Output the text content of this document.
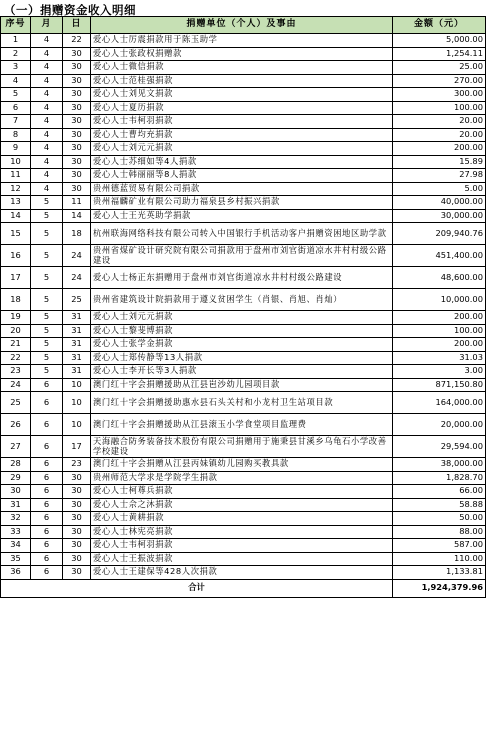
（一）捐赠资金收入明细
序号	月	日	捐赠单位（个人）及事由	金额（元）
1	4	22	爱心人士厉震捐款用于陈玉助学	5,000.00
2	4	30	爱心人士张政权捐赠款	1,254.11
3	4	30	爱心人士微信捐款	25.00
4	4	30	爱心人士范桂强捐款	270.00
5	4	30	爱心人士刘见文捐款	300.00
6	4	30	爱心人士夏历捐款	100.00
7	4	30	爱心人士韦柯羽捐款	20.00
8	4	30	爱心人士曹均充捐款	20.00
9	4	30	爱心人士刘元元捐款	200.00
10	4	30	爱心人士苏细如等4人捐款	15.89
11	4	30	爱心人士韩丽丽等8人捐款	27.98
12	4	30	贵州德蓝贸易有限公司捐款	5.00
13	5	11	贵州福麟矿业有限公司助力福泉县乡村振兴捐款	40,000.00
14	5	14	爱心人士王光英助学捐款	30,000.00
15	5	18	杭州联海网络科技有限公司转入中国银行手机活动客户捐赠资困地区助学款	209,940.76
16	5	24	贵州省煤矿设计研究院有限公司捐款用于盘州市刘官街道凉水井村村级公路建设	451,400.00
17	5	24	爱心人士杨正东捐赠用于盘州市刘官街道凉水井村村级公路建设	48,600.00
18	5	25	贵州省建筑设计院捐款用于遵义贫困学生（肖银、肖旭、肖灿）	10,000.00
19	5	31	爱心人士刘元元捐款	200.00
20	5	31	爱心人士黎斐博捐款	100.00
21	5	31	爱心人士张学金捐款	200.00
22	5	31	爱心人士郑传静等13人捐款	31.03
23	5	31	爱心人士李开长等3人捐款	3.00
24	6	10	澳门红十字会捐赠援助从江县岜沙幼儿园项目款	871,150.80
25	6	10	澳门红十字会捐赠援助惠水县石头关村和小龙村卫生站项目款	164,000.00
26	6	10	澳门红十字会捐赠援助从江县滚玉小学食堂项目监理费	20,000.00
27	6	17	天海融合防务装备技术股份有限公司捐赠用于施秉县甘溪乡乌龟石小学改善学校建设	29,594.00
28	6	23	澳门红十字会捐赠从江县丙妹镇幼儿园购买教具款	38,000.00
29	6	30	贵州师范大学求是学院学生捐款	1,828.70
30	6	30	爱心人士柯尊兵捐款	66.00
31	6	30	爱心人士佘之沐捐款	58.88
32	6	30	爱心人士黄耕捐款	50.00
33	6	30	爱心人士林宪亮捐款	88.00
34	6	30	爱心人士韦柯羽捐款	587.00
35	6	30	爱心人士王振波捐款	110.00
36	6	30	爱心人士王建保等428人次捐款	1,133.81
合计				1,924,379.96
